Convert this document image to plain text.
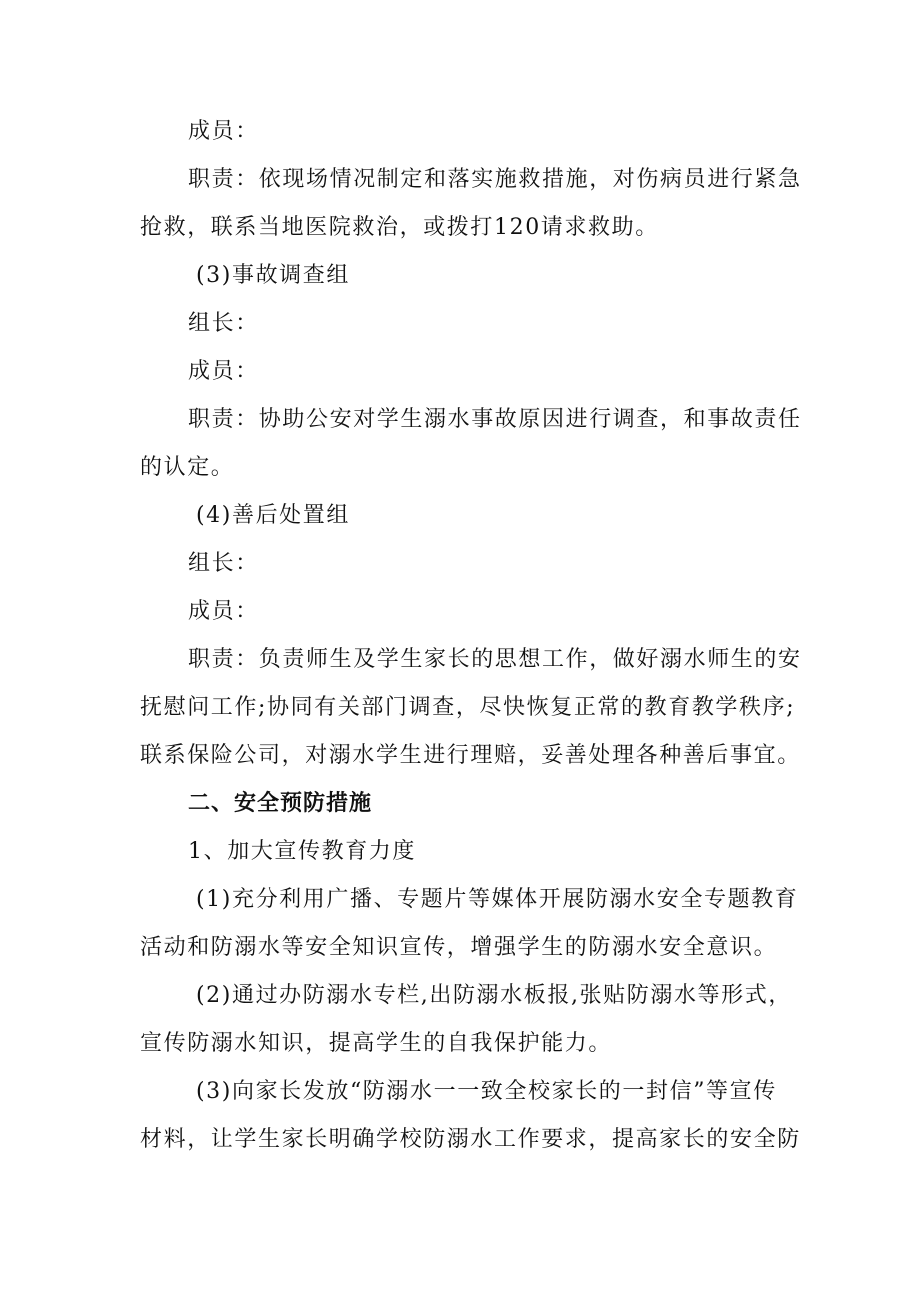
成员：
职责：依现场情况制定和落实施救措施，对伤病员进行紧急
抢救，联系当地医院救治，或拨打120请求救助。
(3)事故调查组
组长：
成员：
职责：协助公安对学生溺水事故原因进行调查，和事故责任
的认定。
(4)善后处置组
组长：
成员：
职责：负责师生及学生家长的思想工作，做好溺水师生的安
抚慰问工作;协同有关部门调查，尽快恢复正常的教育教学秩序;
联系保险公司，对溺水学生进行理赔，妥善处理各种善后事宜。
二、安全预防措施
1、加大宣传教育力度
(1)充分利用广播、专题片等媒体开展防溺水安全专题教育
活动和防溺水等安全知识宣传，增强学生的防溺水安全意识。
(2)通过办防溺水专栏,出防溺水板报,张贴防溺水等形式，
宣传防溺水知识，提高学生的自我保护能力。
(3)向家长发放“防溺水一一致全校家长的一封信”等宣传
材料，让学生家长明确学校防溺水工作要求，提高家长的安全防
